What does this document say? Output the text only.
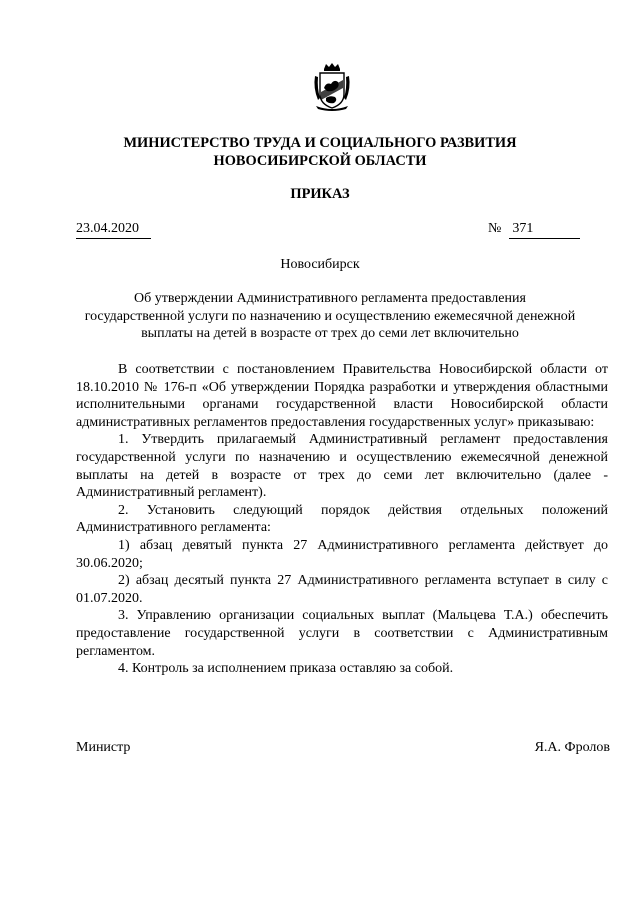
МИНИСТЕРСТВО ТРУДА И СОЦИАЛЬНОГО РАЗВИТИЯ
НОВОСИБИРСКОЙ ОБЛАСТИ
ПРИКАЗ
23.04.2020	№ 371
Новосибирск
Об утверждении Административного регламента предоставления
государственной услуги по назначению и осуществлению ежемесячной денежной
выплаты на детей в возрасте от трех до семи лет включительно

В соответствии с постановлением Правительства Новосибирской области от 18.10.2010 № 176-п «Об утверждении Порядка разработки и утверждения областными исполнительными органами государственной власти Новосибирской области административных регламентов предоставления государственных услуг» приказываю:

1. Утвердить прилагаемый Административный регламент предоставления государственной услуги по назначению и осуществлению ежемесячной денежной выплаты на детей в возрасте от трех до семи лет включительно (далее - Административный регламент).

2. Установить следующий порядок действия отдельных положений Административного регламента:

1) абзац девятый пункта 27 Административного регламента действует до 30.06.2020;

2) абзац десятый пункта 27 Административного регламента вступает в силу с 01.07.2020.

3. Управлению организации социальных выплат (Мальцева Т.А.) обеспечить предоставление государственной услуги в соответствии с Административным регламентом.

4. Контроль за исполнением приказа оставляю за собой.

Министр	Я.А. Фролов
